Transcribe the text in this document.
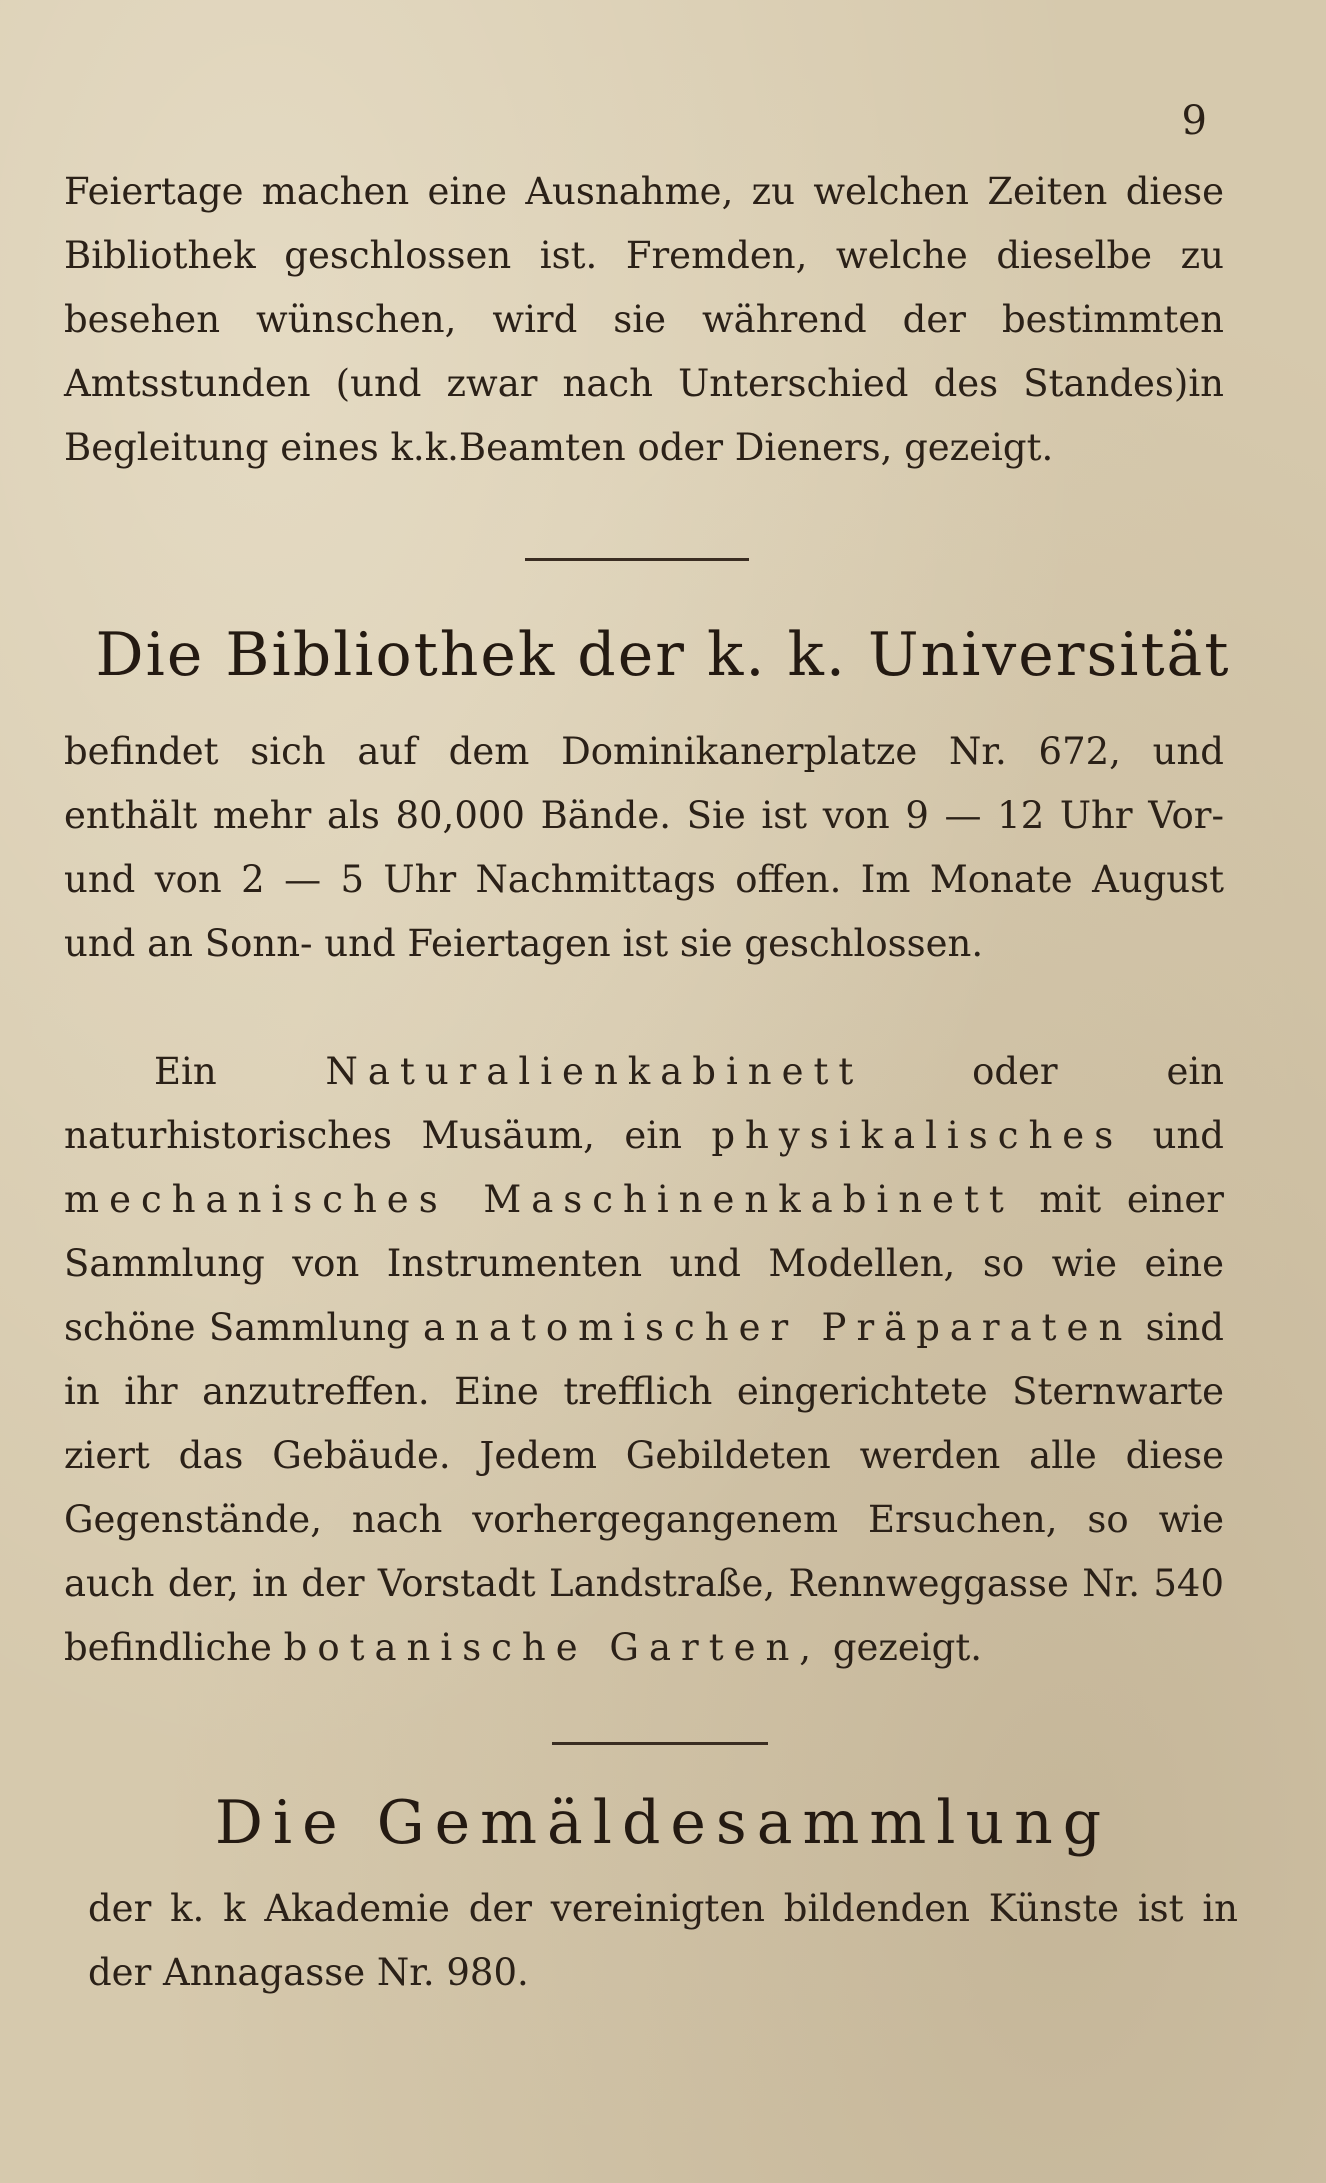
9

Feiertage machen eine Ausnahme, zu welchen Zeiten diese Bibliothek geschlossen ist. Fremden, welche dieselbe zu besehen wünschen, wird sie während der bestimmten Amtsstunden (und zwar nach Unterschied des Standes)in Begleitung eines k.k.Beamten oder Dieners, gezeigt.

Die Bibliothek der k. k. Universität

befindet sich auf dem Dominikanerplatze Nr. 672, und enthält mehr als 80,000 Bände. Sie ist von 9 — 12 Uhr Vor- und von 2 — 5 Uhr Nachmittags offen. Im Monate August und an Sonn- und Feiertagen ist sie geschlossen.

Ein	Naturalienkabinett	oder ein naturhistorisches Musäum, ein physikalisches und mechanisches Maschinenkabinett mit einer Sammlung von Instrumenten und Modellen, so wie eine schöne Sammlung anatomischer Präparaten sind in ihr anzutreffen. Eine trefflich eingerichtete Sternwarte ziert das Gebäude. Jedem Gebildeten werden alle diese Gegenstände, nach vorhergegangenem Ersuchen, so wie auch der, in der Vorstadt Landstraße, Rennweggasse Nr. 540 befindliche botanische Garten, gezeigt.

Die Gemäldesammlung

der k. k Akademie der vereinigten bildenden Künste ist in der Annagasse Nr. 980.
